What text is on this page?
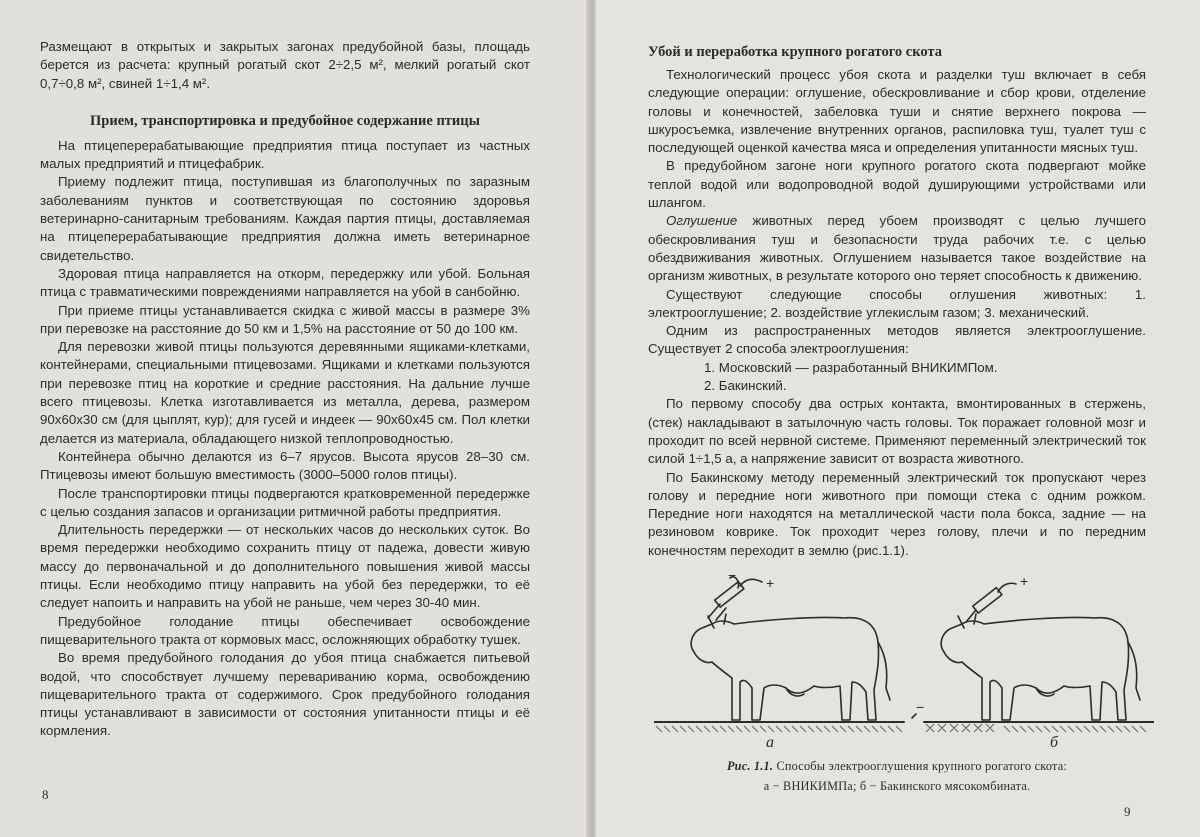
Размещают в открытых и закрытых загонах предубойной базы, площадь берется из расчета: крупный рогатый скот 2÷2,5 м², мелкий рогатый скот 0,7÷0,8 м², свиней 1÷1,4 м².

Прием, транспортировка и предубойное содержание птицы

На птицеперерабатывающие предприятия птица поступает из частных малых предприятий и птицефабрик.

Приему подлежит птица, поступившая из благополучных по заразным заболеваниям пунктов и соответствующая по состоянию здоровья ветеринарно-санитарным требованиям. Каждая партия птицы, доставляемая на птицеперерабатывающие предприятия должна иметь ветеринарное свидетельство.

Здоровая птица направляется на откорм, передержку или убой. Больная птица с травматическими повреждениями направляется на убой в санбойню.

При приеме птицы устанавливается скидка с живой массы в размере 3% при перевозке на расстояние до 50 км и 1,5% на расстояние от 50 до 100 км.

Для перевозки живой птицы пользуются деревянными ящиками-клетками, контейнерами, специальными птицевозами. Ящиками и клетками пользуются при перевозке птиц на короткие и средние расстояния. На дальние лучше всего птицевозы. Клетка изготавливается из металла, дерева, размером 90х60х30 см (для цыплят, кур); для гусей и индеек — 90х60х45 см. Пол клетки делается из материала, обладающего низкой теплопроводностью.

Контейнера обычно делаются из 6–7 ярусов. Высота ярусов 28–30 см. Птицевозы имеют большую вместимость (3000–5000 голов птицы).

После транспортировки птицы подвергаются кратковременной передержке с целью создания запасов и организации ритмичной работы предприятия.

Длительность передержки — от нескольких часов до нескольких суток. Во время передержки необходимо сохранить птицу от падежа, довести живую массу до первоначальной и до дополнительного повышения живой массы птицы. Если необходимо птицу направить на убой без передержки, то её следует напоить и направить на убой не раньше, чем через 30-40 мин.

Предубойное голодание птицы обеспечивает освобождение пищеварительного тракта от кормовых масс, осложняющих обработку тушек.

Во время предубойного голодания до убоя птица снабжается питьевой водой, что способствует лучшему перевариванию корма, освобождению пищеварительного тракта от содержимого. Срок предубойного голодания птицы устанавливают в зависимости от состояния упитанности птицы и её кормления.

8
Убой и переработка крупного рогатого скота

Технологический процесс убоя скота и разделки туш включает в себя следующие операции: оглушение, обескровливание и сбор крови, отделение головы и конечностей, забеловка туши и снятие верхнего покрова — шкуросъемка, извлечение внутренних органов, распиловка туш, туалет туш с последующей оценкой качества мяса и определения упитанности мясных туш.

В предубойном загоне ноги крупного рогатого скота подвергают мойке теплой водой или водопроводной водой душирующими устройствами или шлангом.

Оглушение животных перед убоем производят с целью лучшего обескровливания туш и безопасности труда рабочих т.е. с целью обездвиживания животных. Оглушением называется такое воздействие на организм животных, в результате которого оно теряет способность к движению.

Существуют следующие способы оглушения животных: 1. электрооглушение; 2. воздействие углекислым газом; 3. механический.

Одним из распространенных методов является электрооглушение. Существует 2 способа электрооглушения:

1. Московский — разработанный ВНИКИМПом.

2. Бакинский.

По первому способу два острых контакта, вмонтированных в стержень, (стек) накладывают в затылочную часть головы. Ток поражает головной мозг и проходит по всей нервной системе. Применяют переменный электрический ток силой 1÷1,5 а, а напряжение зависит от возраста животного.

По Бакинскому методу переменный электрический ток пропускают через голову и передние ноги животного при помощи стека с одним рожком. Передние ноги находятся на металлической части пола бокса, задние — на резиновом коврике. Ток проходит через голову, плечи и по передним конечностям переходит в землю (рис.1.1).

− +	+
−
а	б
Рис. 1.1. Способы электрооглушения крупного рогатого скота:
а − ВНИКИМПа; б − Бакинского мясокомбината.
9
